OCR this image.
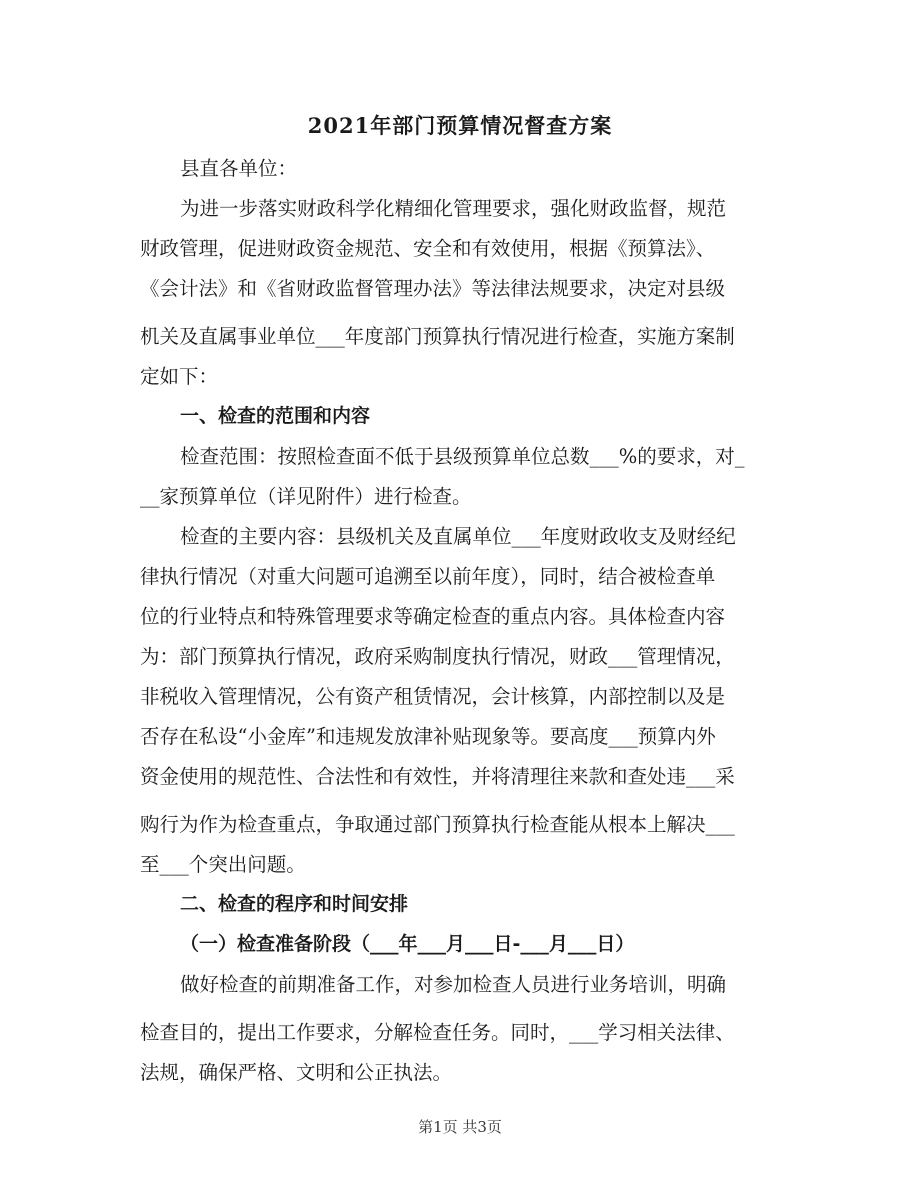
2021年部门预算情况督查方案
县直各单位：
为进一步落实财政科学化精细化管理要求，强化财政监督，规范
财政管理，促进财政资金规范、安全和有效使用，根据《预算法》、
《会计法》和《省财政监督管理办法》等法律法规要求，决定对县级
机关及直属事业单位___年度部门预算执行情况进行检查，实施方案制
定如下：
一、检查的范围和内容
检查范围：按照检查面不低于县级预算单位总数___%的要求，对_
__家预算单位（详见附件）进行检查。
检查的主要内容：县级机关及直属单位___年度财政收支及财经纪
律执行情况（对重大问题可追溯至以前年度），同时，结合被检查单
位的行业特点和特殊管理要求等确定检查的重点内容。具体检查内容
为：部门预算执行情况，政府采购制度执行情况，财政___管理情况，
非税收入管理情况，公有资产租赁情况，会计核算，内部控制以及是
否存在私设“小金库”和违规发放津补贴现象等。要高度___预算内外
资金使用的规范性、合法性和有效性，并将清理往来款和查处违___采
购行为作为检查重点，争取通过部门预算执行检查能从根本上解决___
至___个突出问题。
二、检查的程序和时间安排
（一）检查准备阶段（___年___月___日-___月___日）
做好检查的前期准备工作，对参加检查人员进行业务培训，明确
检查目的，提出工作要求，分解检查任务。同时，___学习相关法律、
法规，确保严格、文明和公正执法。
第1页 共3页
